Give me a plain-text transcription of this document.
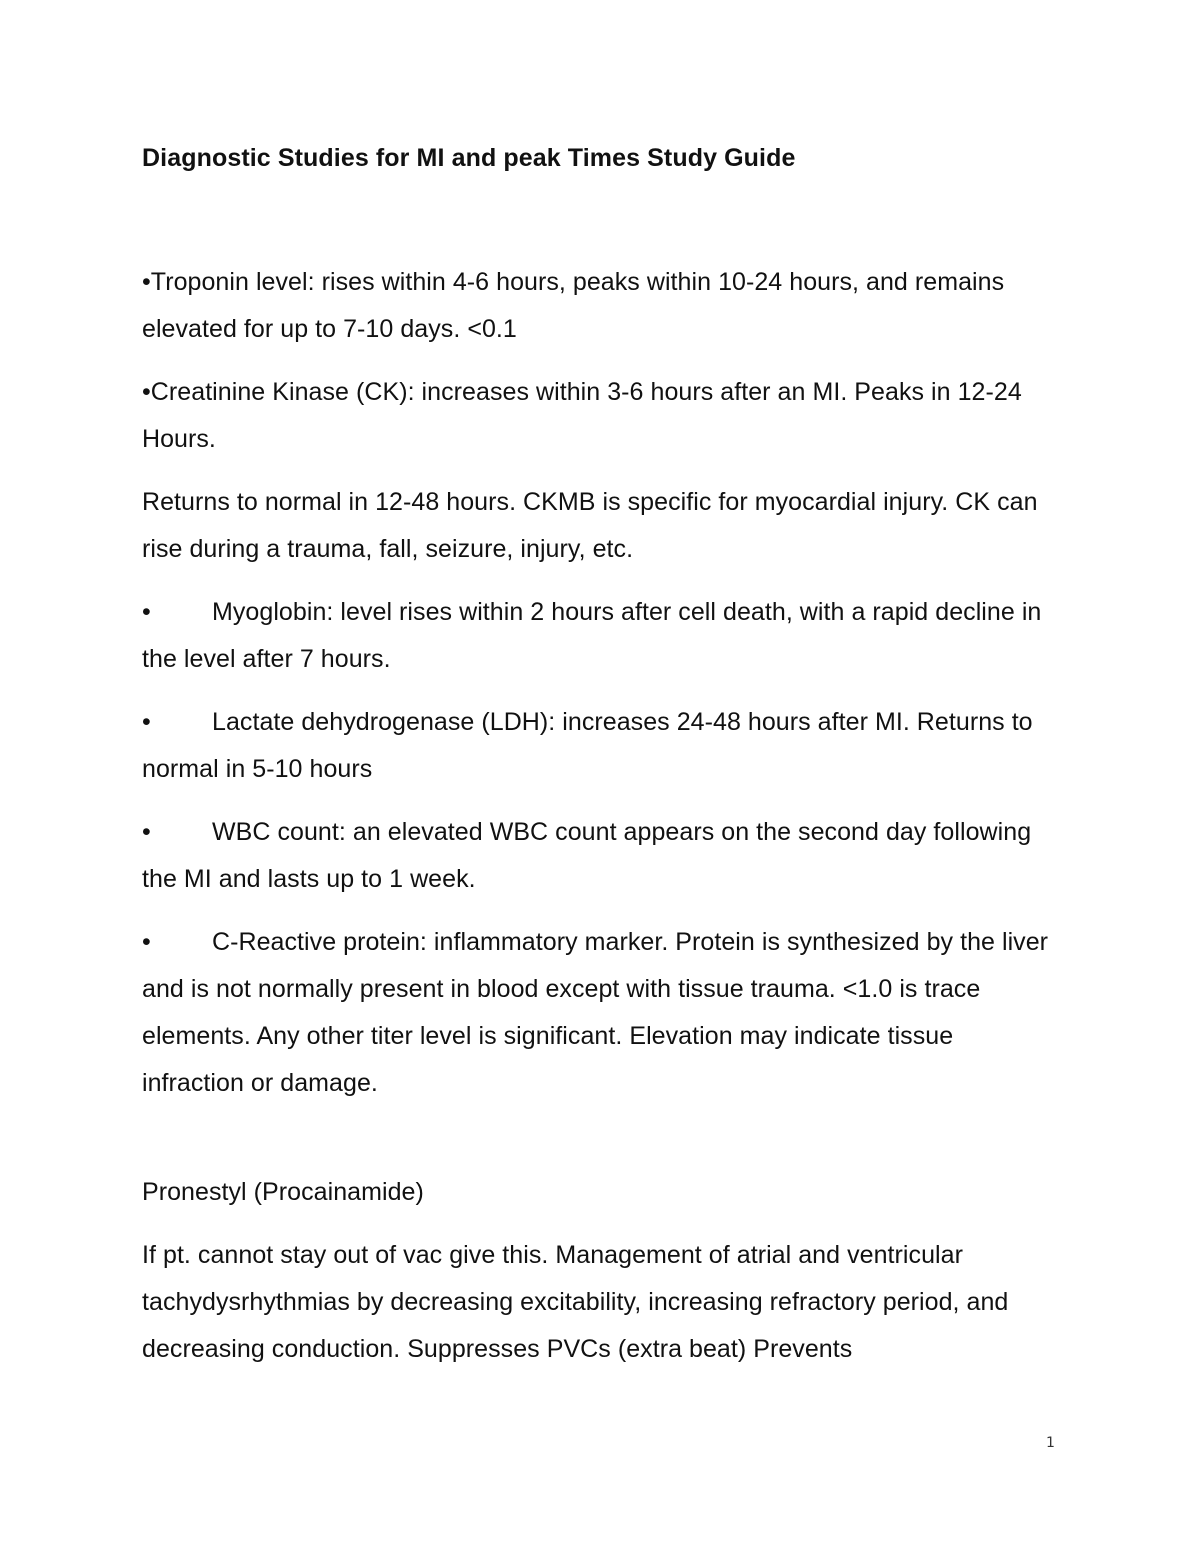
Diagnostic Studies for MI and peak Times Study Guide

•Troponin level: rises within 4-6 hours, peaks within 10-24 hours, and remains elevated for up to 7-10 days. <0.1

•Creatinine Kinase (CK): increases within 3-6 hours after an MI. Peaks in 12-24 Hours.

Returns to normal in 12-48 hours. CKMB is specific for myocardial injury. CK can rise during a trauma, fall, seizure, injury, etc.

• Myoglobin: level rises within 2 hours after cell death, with a rapid decline in the level after 7 hours.

• Lactate dehydrogenase (LDH): increases 24-48 hours after MI. Returns to normal in 5-10 hours

• WBC count: an elevated WBC count appears on the second day following the MI and lasts up to 1 week.

• C-Reactive protein: inflammatory marker. Protein is synthesized by the liver and is not normally present in blood except with tissue trauma. <1.0 is trace elements. Any other titer level is significant. Elevation may indicate tissue infraction or damage.

Pronestyl (Procainamide)

If pt. cannot stay out of vac give this. Management of atrial and ventricular tachydysrhythmias by decreasing excitability, increasing refractory period, and decreasing conduction. Suppresses PVCs (extra beat) Prevents

1
